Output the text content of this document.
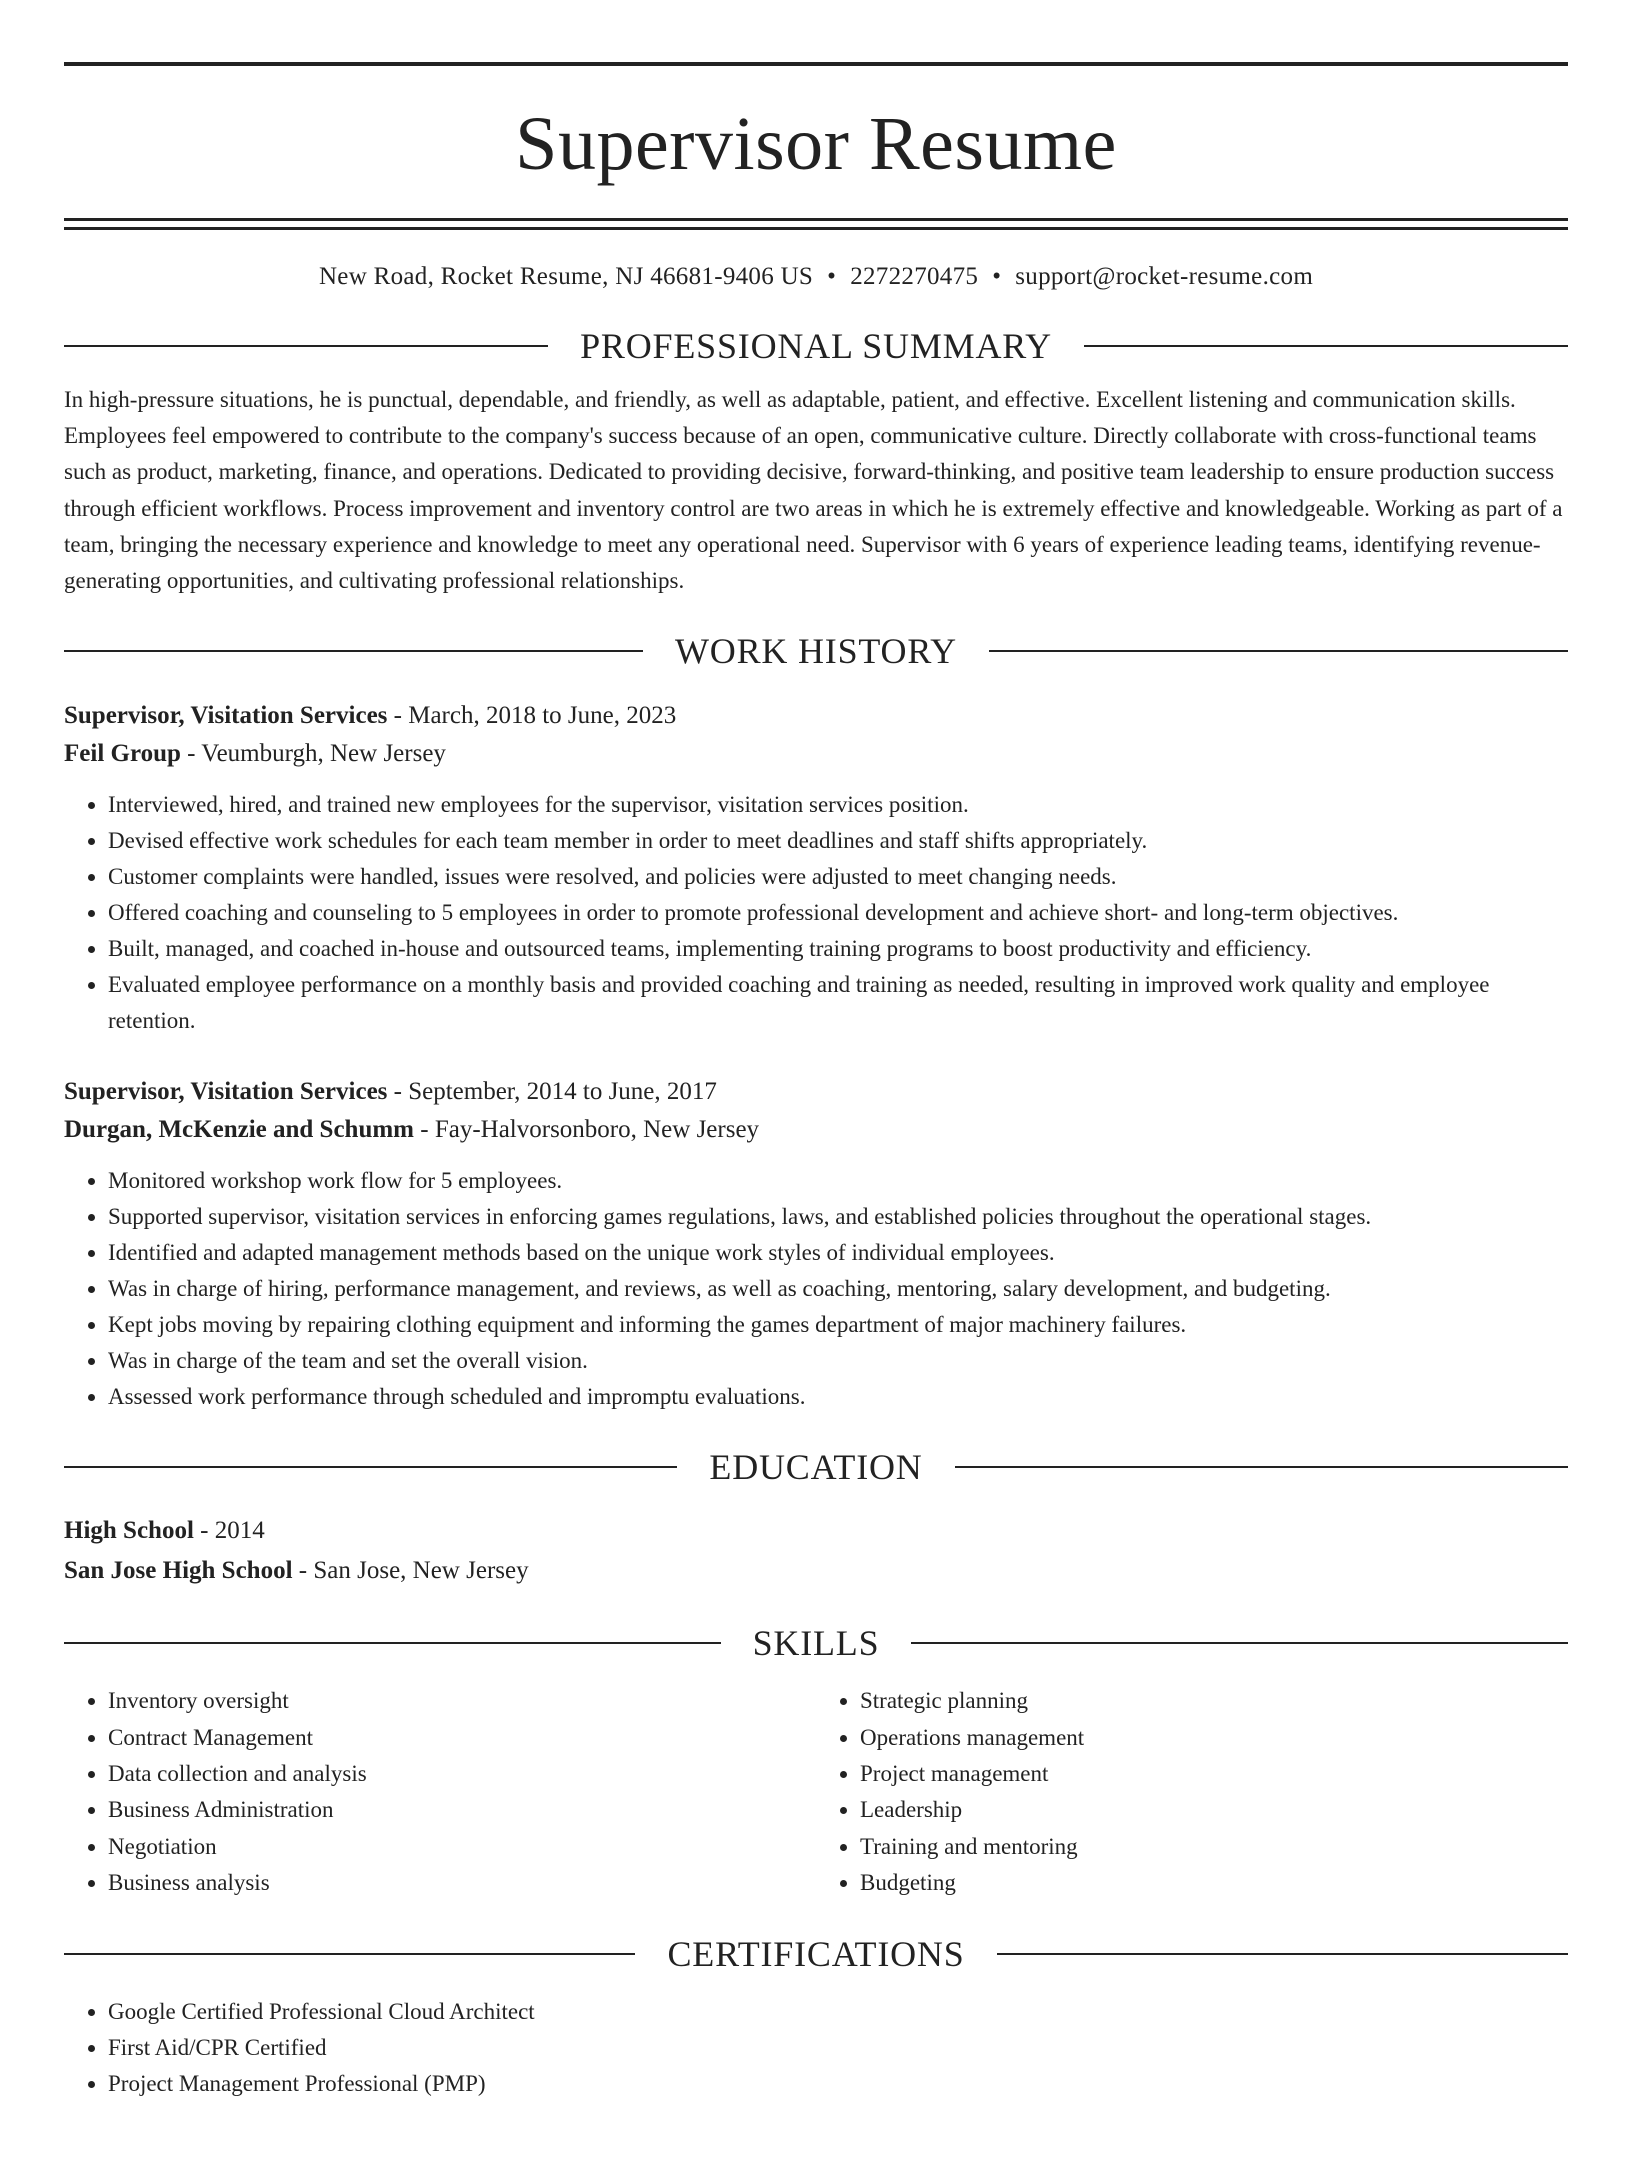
Supervisor Resume
New Road, Rocket Resume, NJ 46681-9406 US • 2272270475 • support@rocket-resume.com
PROFESSIONAL SUMMARY

In high-pressure situations, he is punctual, dependable, and friendly, as well as adaptable, patient, and effective. Excellent listening and communication skills. Employees feel empowered to contribute to the company's success because of an open, communicative culture. Directly collaborate with cross-functional teams such as product, marketing, finance, and operations. Dedicated to providing decisive, forward-thinking, and positive team leadership to ensure production success through efficient workflows. Process improvement and inventory control are two areas in which he is extremely effective and knowledgeable. Working as part of a team, bringing the necessary experience and knowledge to meet any operational need. Supervisor with 6 years of experience leading teams, identifying revenue-generating opportunities, and cultivating professional relationships.

WORK HISTORY
Supervisor, Visitation Services - March, 2018 to June, 2023
Feil Group - Veumburgh, New Jersey
• Interviewed, hired, and trained new employees for the supervisor, visitation services position.
• Devised effective work schedules for each team member in order to meet deadlines and staff shifts appropriately.
• Customer complaints were handled, issues were resolved, and policies were adjusted to meet changing needs.
• Offered coaching and counseling to 5 employees in order to promote professional development and achieve short- and long-term objectives.
• Built, managed, and coached in-house and outsourced teams, implementing training programs to boost productivity and efficiency.
• Evaluated employee performance on a monthly basis and provided coaching and training as needed, resulting in improved work quality and employee retention.
Supervisor, Visitation Services - September, 2014 to June, 2017
Durgan, McKenzie and Schumm - Fay-Halvorsonboro, New Jersey
• Monitored workshop work flow for 5 employees.
• Supported supervisor, visitation services in enforcing games regulations, laws, and established policies throughout the operational stages.
• Identified and adapted management methods based on the unique work styles of individual employees.
• Was in charge of hiring, performance management, and reviews, as well as coaching, mentoring, salary development, and budgeting.
• Kept jobs moving by repairing clothing equipment and informing the games department of major machinery failures.
• Was in charge of the team and set the overall vision.
• Assessed work performance through scheduled and impromptu evaluations.
EDUCATION
High School - 2014
San Jose High School - San Jose, New Jersey
SKILLS
• Inventory oversight
• Contract Management
• Data collection and analysis
• Business Administration
• Negotiation
• Business analysis
• Strategic planning
• Operations management
• Project management
• Leadership
• Training and mentoring
• Budgeting
CERTIFICATIONS
• Google Certified Professional Cloud Architect
• First Aid/CPR Certified
• Project Management Professional (PMP)
